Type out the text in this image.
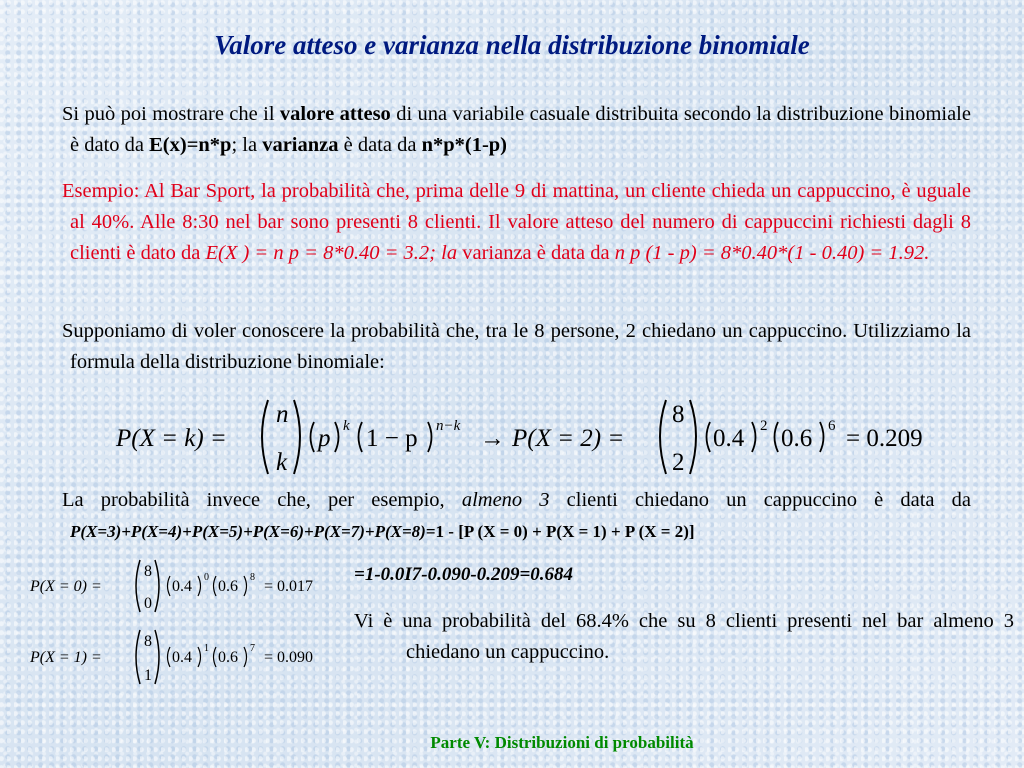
Valore atteso e varianza nella distribuzione binomiale
Si può poi mostrare che il valore atteso di una variabile casuale distribuita secondo la distribuzione binomiale è dato da E(x)=n*p; la varianza è data da n*p*(1-p)
Esempio: Al Bar Sport, la probabilità che, prima delle 9 di mattina, un cliente chieda un cappuccino, è uguale al 40%. Alle 8:30 nel bar sono presenti 8 clienti. Il valore atteso del numero di cappuccini richiesti dagli 8 clienti è dato da E(X ) = n p = 8*0.40 = 3.2; la varianza è data da n p (1 - p) = 8*0.40*(1 - 0.40) = 1.92.
Supponiamo di voler conoscere la probabilità che, tra le 8 persone, 2 chiedano un cappuccino. Utilizziamo la formula della distribuzione binomiale:
P(X = k) =
n
k
p k 1 − p n−k → P(X = 2) =
8
2
0.4 2 0.6 6 = 0.209
La probabilità invece che, per esempio, almeno 3 clienti chiedano un cappuccino è data da P(X=3)+P(X=4)+P(X=5)+P(X=6)+P(X=7)+P(X=8)=1 - [P (X = 0) + P(X = 1) + P (X = 2)]
P(X = 0) =
8
0
0.4
0
0.6
8
= 0.017
P(X = 1) =
8
1
0.4
1
0.6
7
= 0.090
=1-0.0I7-0.090-0.209=0.684
Vi è una probabilità del 68.4% che su 8 clienti presenti nel bar almeno 3 chiedano un cappuccino.
Parte V: Distribuzioni di probabilità
